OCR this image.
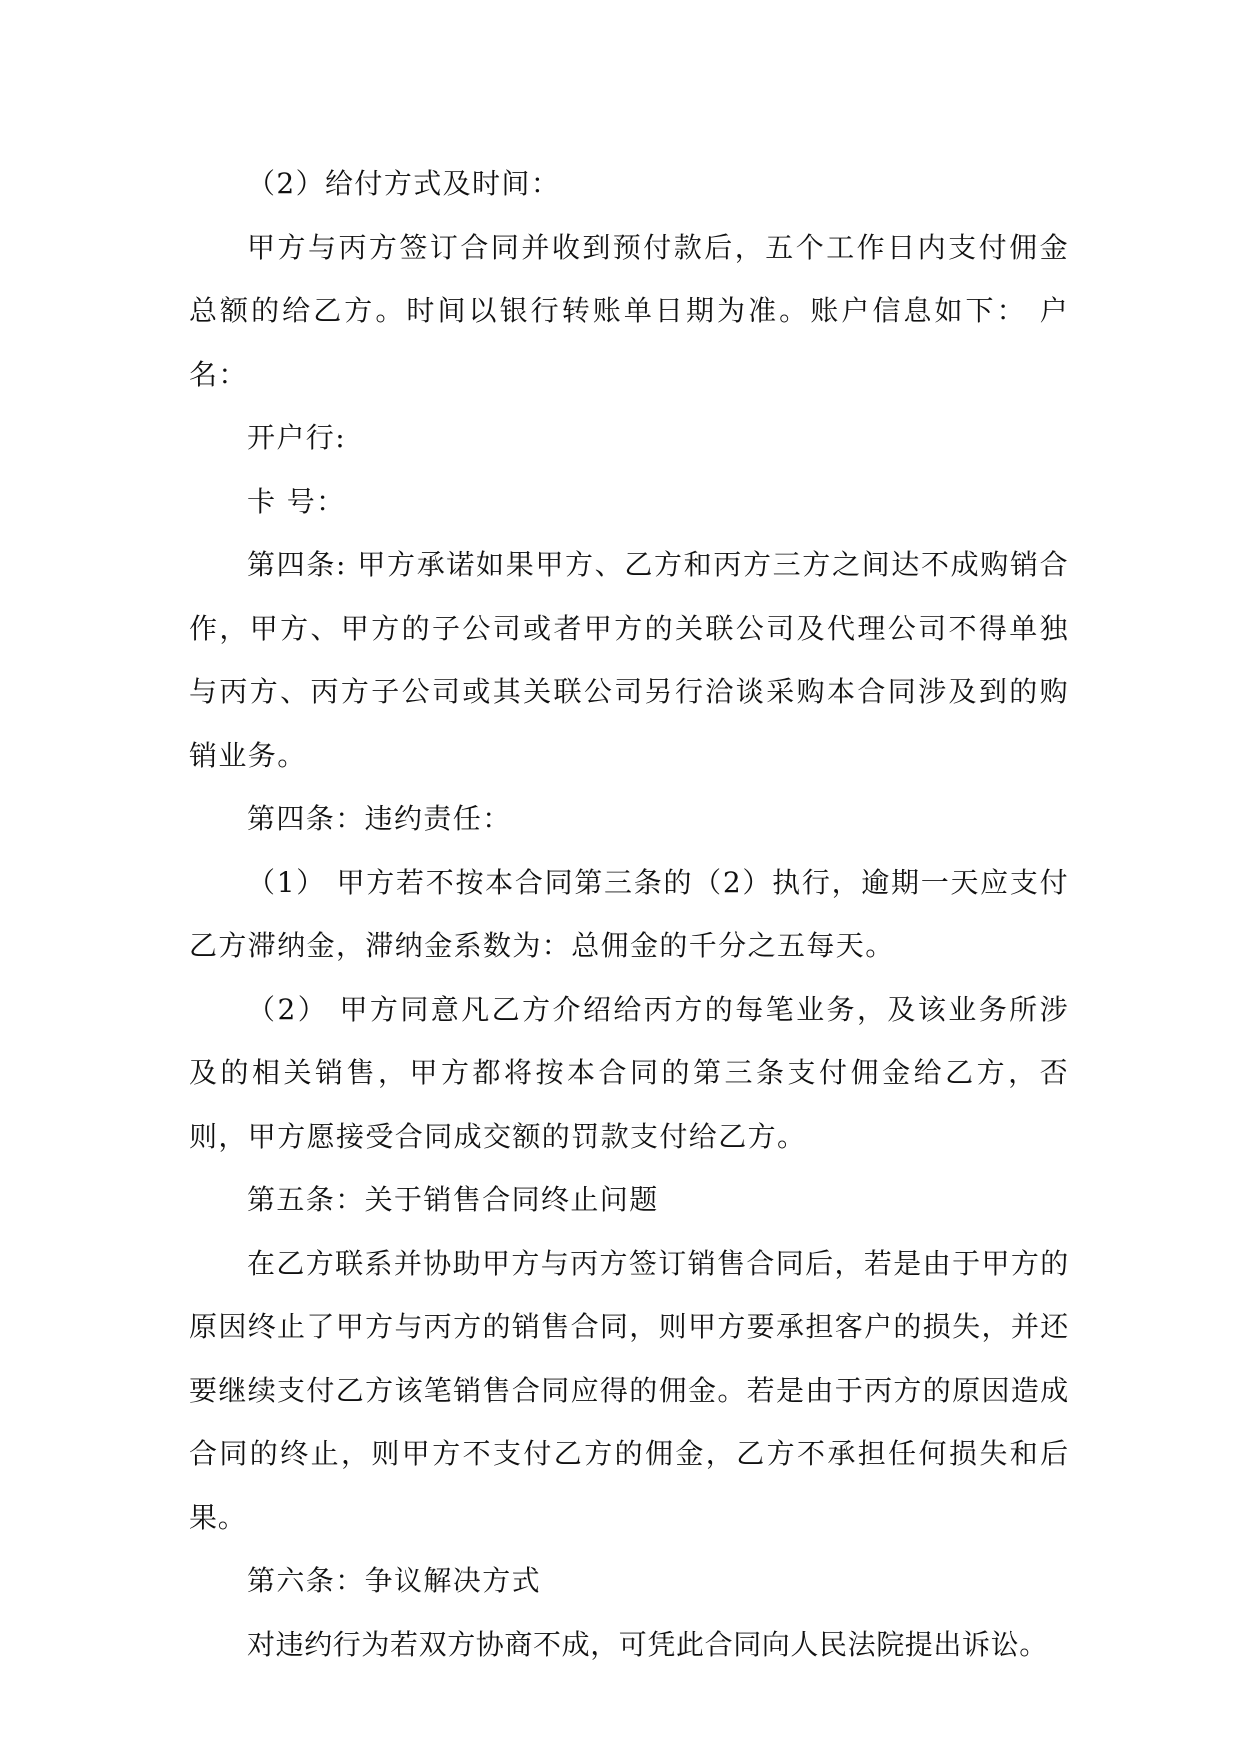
（2）给付方式及时间：

甲方与丙方签订合同并收到预付款后，五个工作日内支付佣金总额的给乙方。时间以银行转账单日期为准。账户信息如下： 户 名：

开户行:

卡 号：

第四条: 甲方承诺如果甲方、乙方和丙方三方之间达不成购销合作，甲方、甲方的子公司或者甲方的关联公司及代理公司不得单独与丙方、丙方子公司或其关联公司另行洽谈采购本合同涉及到的购销业务。

第四条：违约责任：

（1） 甲方若不按本合同第三条的（2）执行，逾期一天应支付乙方滞纳金，滞纳金系数为：总佣金的千分之五每天。

（2） 甲方同意凡乙方介绍给丙方的每笔业务，及该业务所涉及的相关销售，甲方都将按本合同的第三条支付佣金给乙方，否则，甲方愿接受合同成交额的罚款支付给乙方。

第五条：关于销售合同终止问题

在乙方联系并协助甲方与丙方签订销售合同后，若是由于甲方的原因终止了甲方与丙方的销售合同，则甲方要承担客户的损失，并还要继续支付乙方该笔销售合同应得的佣金。若是由于丙方的原因造成合同的终止，则甲方不支付乙方的佣金，乙方不承担任何损失和后果。

第六条：争议解决方式

对违约行为若双方协商不成，可凭此合同向人民法院提出诉讼。
